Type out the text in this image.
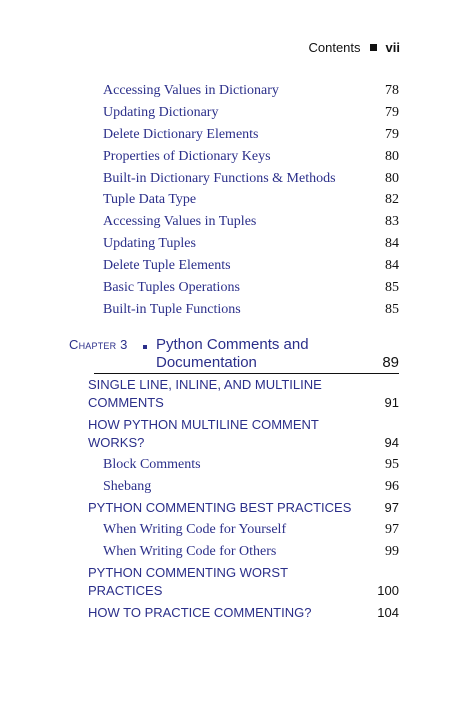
Contents vii
Accessing Values in Dictionary	78
Updating Dictionary	79
Delete Dictionary Elements	79
Properties of Dictionary Keys	80
Built-in Dictionary Functions & Methods	80
Tuple Data Type	82
Accessing Values in Tuples	83
Updating Tuples	84
Delete Tuple Elements	84
Basic Tuples Operations	85
Built-in Tuple Functions	85
Chapter 3 Python Comments and
Documentation	89
SINGLE LINE, INLINE, AND MULTILINE
COMMENTS	91
HOW PYTHON MULTILINE COMMENT
WORKS?	94
Block Comments	95
Shebang	96
PYTHON COMMENTING BEST PRACTICES	97
When Writing Code for Yourself	97
When Writing Code for Others	99
PYTHON COMMENTING WORST
PRACTICES	100
HOW TO PRACTICE COMMENTING?	104
